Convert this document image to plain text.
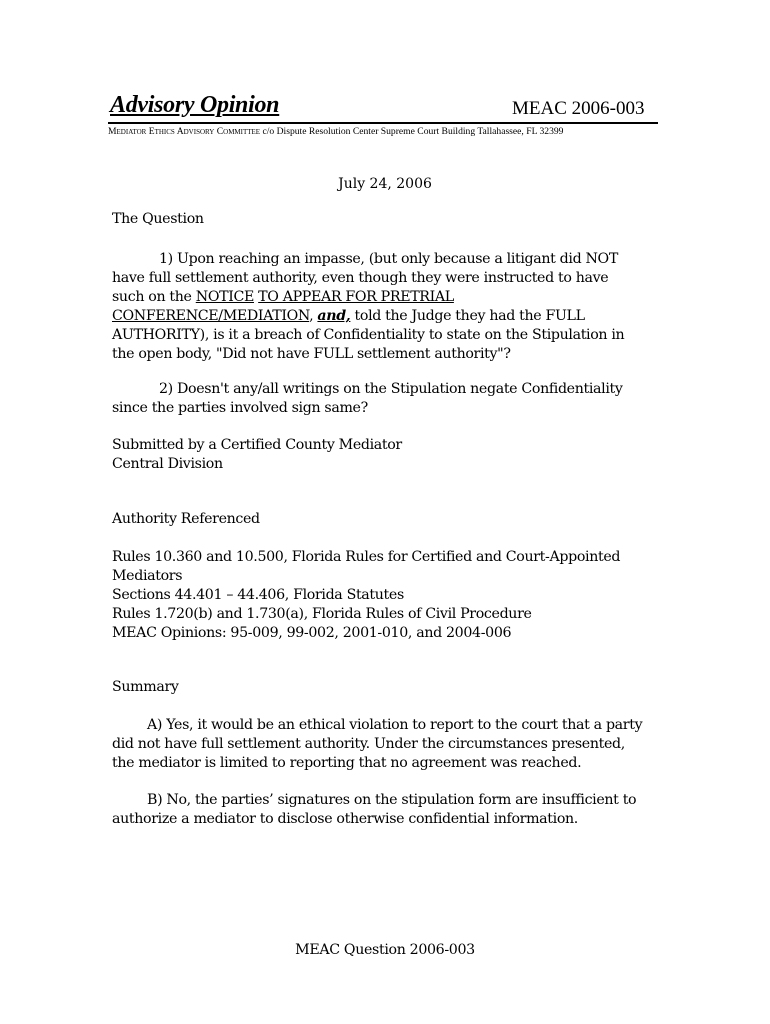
Advisory Opinion	MEAC 2006-003
Mediator Ethics Advisory Committee c/o Dispute Resolution Center Supreme Court Building Tallahassee, FL 32399
July 24, 2006
The Question

1) Upon reaching an impasse, (but only because a litigant did NOT

have full settlement authority, even though they were instructed to have

such on the NOTICE TO APPEAR FOR PRETRIAL

CONFERENCE/MEDIATION, and, told the Judge they had the FULL

AUTHORITY), is it a breach of Confidentiality to state on the Stipulation in

the open body, "Did not have FULL settlement authority"?

2) Doesn't any/all writings on the Stipulation negate Confidentiality

since the parties involved sign same?

Submitted by a Certified County Mediator

Central Division

Authority Referenced

Rules 10.360 and 10.500, Florida Rules for Certified and Court-Appointed

Mediators

Sections 44.401 – 44.406, Florida Statutes

Rules 1.720(b) and 1.730(a), Florida Rules of Civil Procedure

MEAC Opinions: 95-009, 99-002, 2001-010, and 2004-006

Summary

A) Yes, it would be an ethical violation to report to the court that a party

did not have full settlement authority. Under the circumstances presented,

the mediator is limited to reporting that no agreement was reached.

B) No, the parties’ signatures on the stipulation form are insufficient to

authorize a mediator to disclose otherwise confidential information.

MEAC Question 2006-003
